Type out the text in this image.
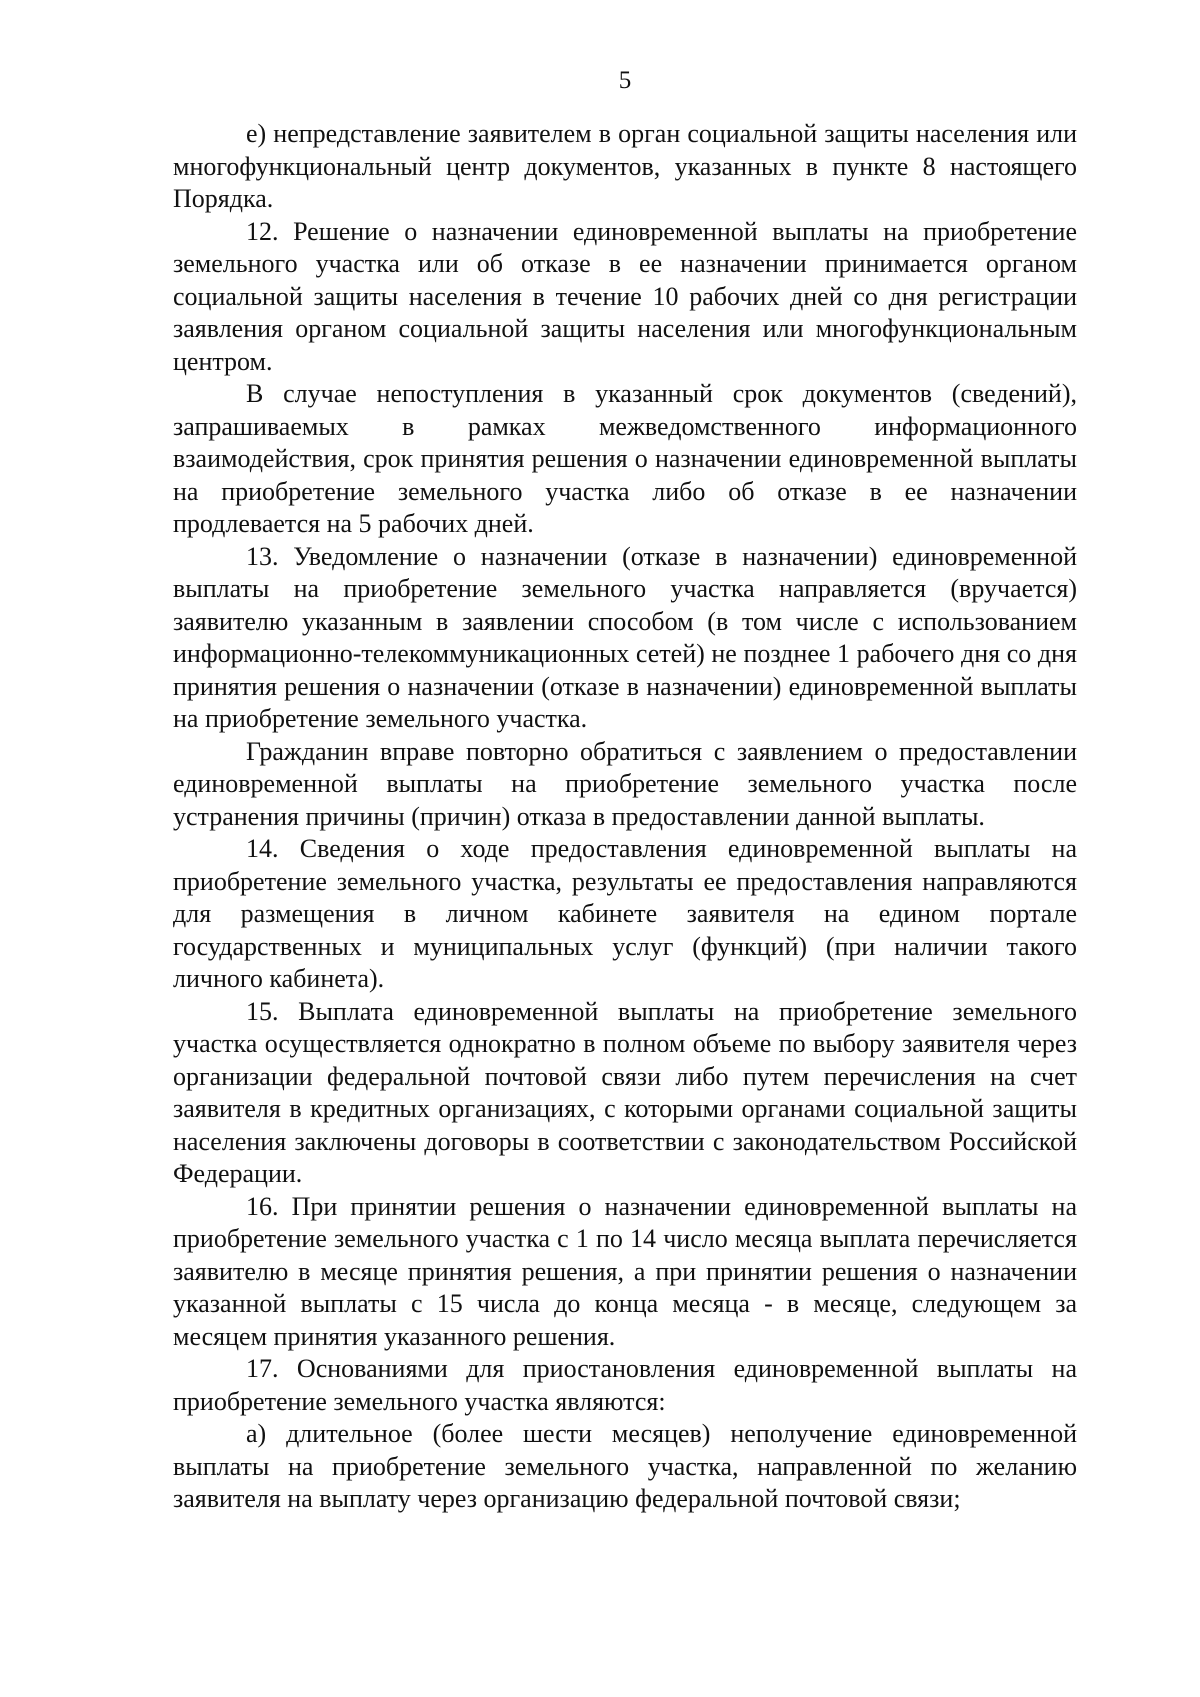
5

е) непредставление заявителем в орган социальной защиты населения или многофункциональный центр документов, указанных в пункте 8 настоящего Порядка.

12. Решение о назначении единовременной выплаты на приобретение земельного участка или об отказе в ее назначении принимается органом социальной защиты населения в течение 10 рабочих дней со дня регистрации заявления органом социальной защиты населения или многофункциональным центром.

В случае непоступления в указанный срок документов (сведений), запрашиваемых в рамках межведомственного информационного взаимодействия, срок принятия решения о назначении единовременной выплаты на приобретение земельного участка либо об отказе в ее назначении продлевается на 5 рабочих дней.

13. Уведомление о назначении (отказе в назначении) единовременной выплаты на приобретение земельного участка направляется (вручается) заявителю указанным в заявлении способом (в том числе с использованием информационно-телекоммуникационных сетей) не позднее 1 рабочего дня со дня принятия решения о назначении (отказе в назначении) единовременной выплаты на приобретение земельного участка.

Гражданин вправе повторно обратиться с заявлением о предоставлении единовременной выплаты на приобретение земельного участка после устранения причины (причин) отказа в предоставлении данной выплаты.

14. Сведения о ходе предоставления единовременной выплаты на приобретение земельного участка, результаты ее предоставления направляются для размещения в личном кабинете заявителя на едином портале государственных и муниципальных услуг (функций) (при наличии такого личного кабинета).

15. Выплата единовременной выплаты на приобретение земельного участка осуществляется однократно в полном объеме по выбору заявителя через организации федеральной почтовой связи либо путем перечисления на счет заявителя в кредитных организациях, с которыми органами социальной защиты населения заключены договоры в соответствии с законодательством Российской Федерации.

16. При принятии решения о назначении единовременной выплаты на приобретение земельного участка с 1 по 14 число месяца выплата перечисляется заявителю в месяце принятия решения, а при принятии решения о назначении указанной выплаты с 15 числа до конца месяца - в месяце, следующем за месяцем принятия указанного решения.

17. Основаниями для приостановления единовременной выплаты на приобретение земельного участка являются:

а) длительное (более шести месяцев) неполучение единовременной выплаты на приобретение земельного участка, направленной по желанию заявителя на выплату через организацию федеральной почтовой связи;
